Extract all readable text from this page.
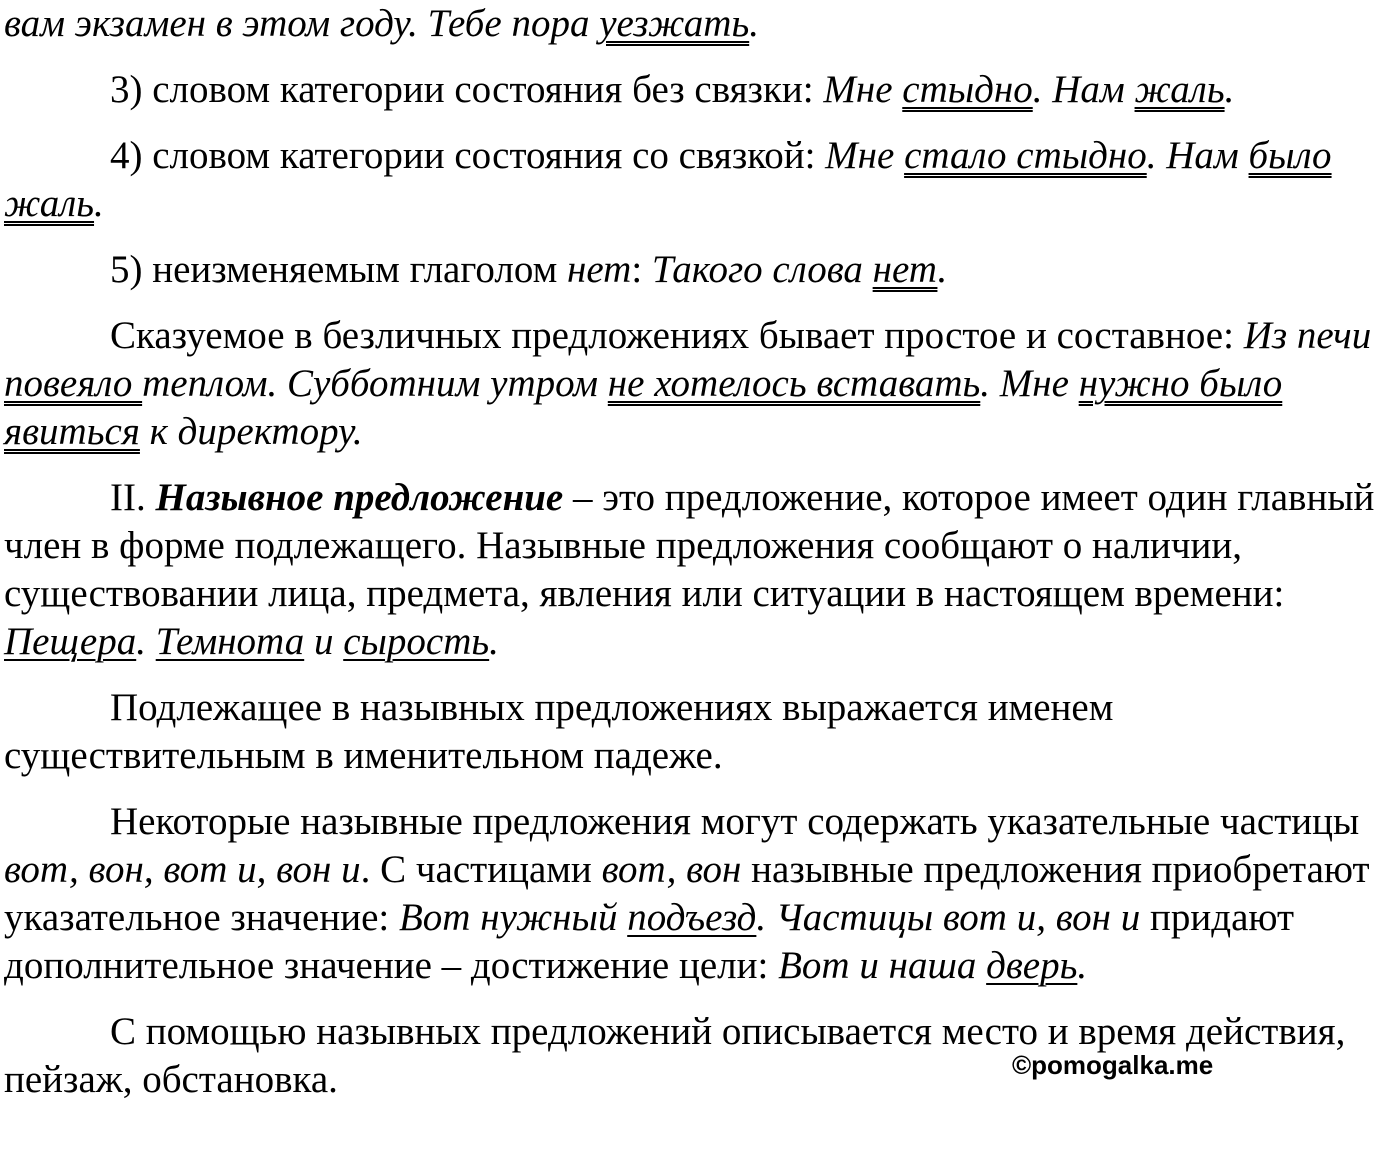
вам экзамен в этом году. Тебе пора уезжать.

3) словом категории состояния без связки: Мне стыдно. Нам жаль.

4) словом категории состояния со связкой: Мне стало стыдно. Нам было жаль.

5) неизменяемым глаголом нет: Такого слова нет.

Сказуемое в безличных предложениях бывает простое и составное: Из печи повеяло теплом. Субботним утром не хотелось вставать. Мне нужно было явиться к директору.

II. Назывное предложение – это предложение, которое имеет один главный член в форме подлежащего. Назывные предложения сообщают о наличии, существовании лица, предмета, явления или ситуации в настоящем времени: Пещера. Темнота и сырость.

Подлежащее в назывных предложениях выражается именем существительным в именительном падеже.

Некоторые назывные предложения могут содержать указательные частицы вот, вон, вот и, вон и. С частицами вот, вон назывные предложения приобретают указательное значение: Вот нужный подъезд. Частицы вот и, вон и придают дополнительное значение – достижение цели: Вот и наша дверь.

С помощью назывных предложений описывается место и время действия, пейзаж, обстановка.	©pomogalka.me
